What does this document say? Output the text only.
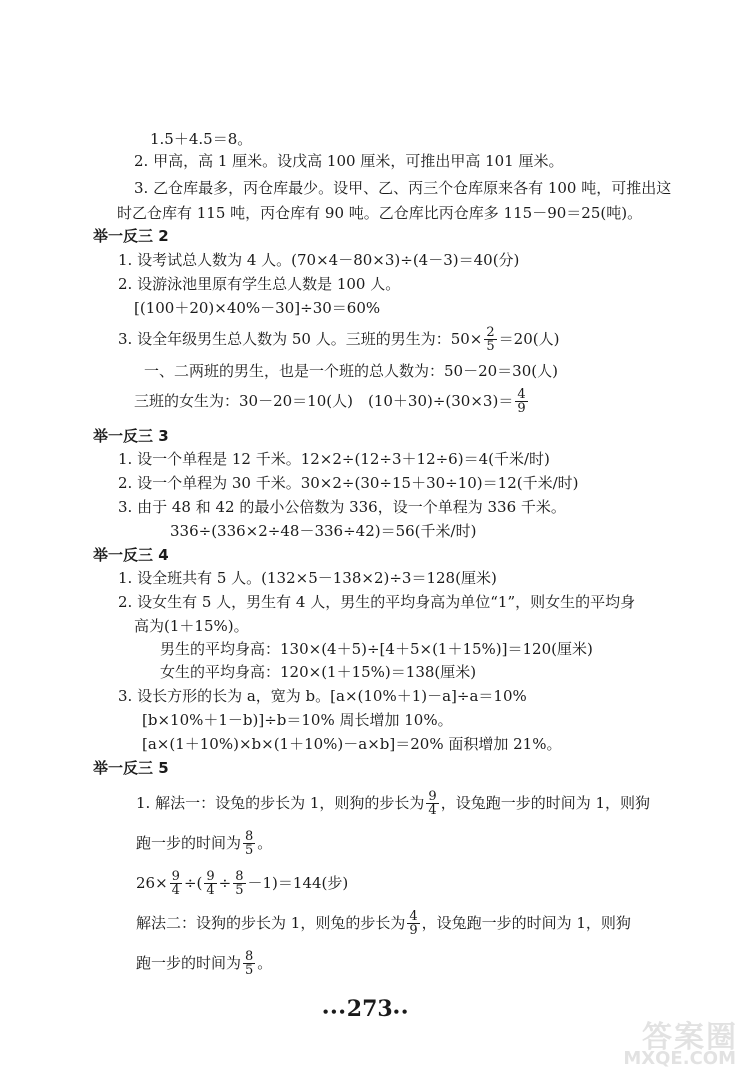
1.5＋4.5＝8。
2. 甲高，高 1 厘米。设戊高 100 厘米，可推出甲高 101 厘米。
3. 乙仓库最多，丙仓库最少。设甲、乙、丙三个仓库原来各有 100 吨，可推出这
时乙仓库有 115 吨，丙仓库有 90 吨。乙仓库比丙仓库多 115－90＝25(吨)。
举一反三 2
1. 设考试总人数为 4 人。(70×4－80×3)÷(4－3)＝40(分)
2. 设游泳池里原有学生总人数是 100 人。
[(100＋20)×40%－30]÷30＝60%
3. 设全年级男生总人数为 50 人。三班的男生为：$50\times \frac{2}{5} =20$(人)
一、二两班的男生，也是一个班的总人数为：50－20＝30(人)
三班的女生为：30－20＝10(人)　$(10+30)\div(30\times 3)= \frac{4}{9}$
举一反三 3
1. 设一个单程是 12 千米。12×2÷(12÷3＋12÷6)＝4(千米/时)
2. 设一个单程为 30 千米。30×2÷(30÷15＋30÷10)＝12(千米/时)
3. 由于 48 和 42 的最小公倍数为 336，设一个单程为 336 千米。
336÷(336×2÷48－336÷42)＝56(千米/时)
举一反三 4
1. 设全班共有 5 人。(132×5－138×2)÷3＝128(厘米)
2. 设女生有 5 人，男生有 4 人，男生的平均身高为单位“1”，则女生的平均身
高为(1＋15%)。
男生的平均身高：130×(4＋5)÷[4＋5×(1＋15%)]＝120(厘米)
女生的平均身高：120×(1＋15%)＝138(厘米)
3. 设长方形的长为 a，宽为 b。[a×(10%＋1)－a]÷a＝10%
[b×10%＋1－b)]÷b＝10% 周长增加 10%。
[a×(1＋10%)×b×(1＋10%)－a×b]＝20% 面积增加 21%。
举一反三 5
1. 解法一：设兔的步长为 1，则狗的步长为 $\frac{9}{4}$ ，设兔跑一步的时间为 1，则狗
跑一步的时间为 $\frac{8}{5}$ 。
$26\times \frac{9}{4}$ ÷( $\frac{9}{4} \div \frac{8}{5} -1)=144$(步)
解法二：设狗的步长为 1，则兔的步长为 $\frac{4}{9}$ ，设兔跑一步的时间为 1，则狗
跑一步的时间为 $\frac{8}{5}$ 。
∙∙∙273∙∙
答案圈
MXQE.COM
